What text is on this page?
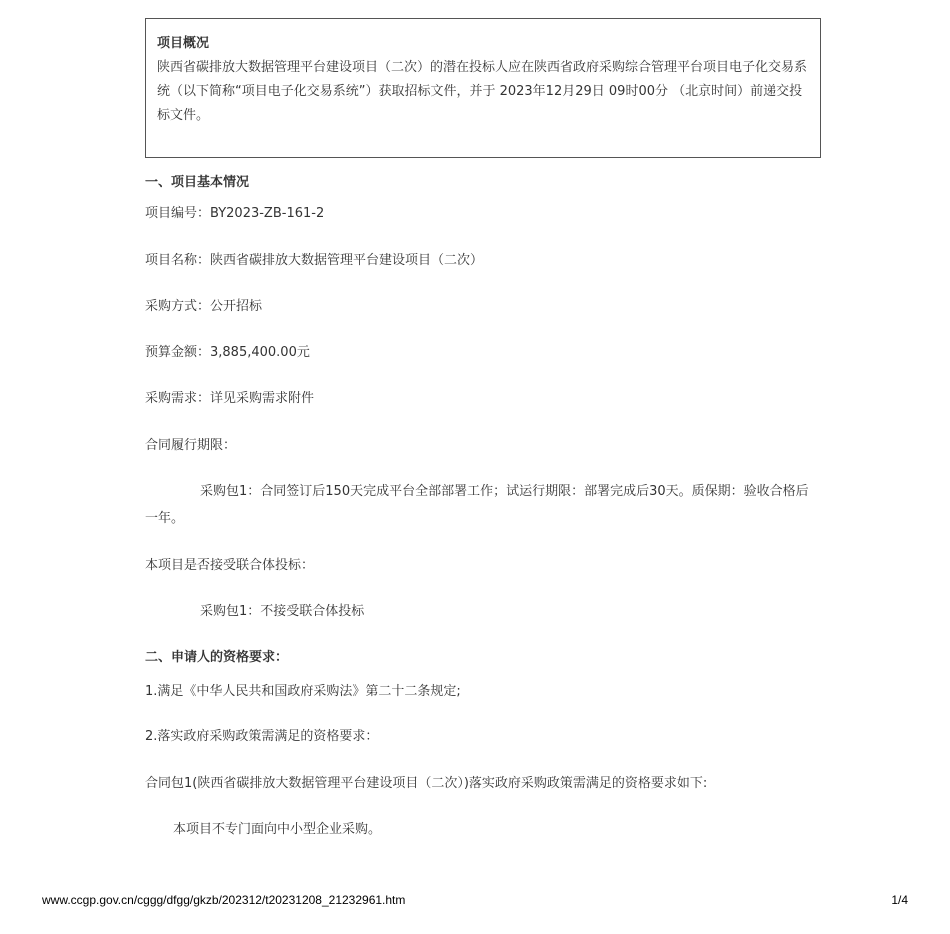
项目概况
陕西省碳排放大数据管理平台建设项目（二次）的潜在投标人应在陕西省政府采购综合管理平台项目电子化交易系统（以下简称“项目电子化交易系统”）获取招标文件，并于 2023年12月29日 09时00分 （北京时间）前递交投标文件。
一、项目基本情况
项目编号：BY2023-ZB-161-2
项目名称：陕西省碳排放大数据管理平台建设项目（二次）
采购方式：公开招标
预算金额：3,885,400.00元
采购需求：详见采购需求附件
合同履行期限：
采购包1：合同签订后150天完成平台全部部署工作；试运行期限：部署完成后30天。质保期：验收合格后一年。
本项目是否接受联合体投标：
采购包1：不接受联合体投标
二、申请人的资格要求：
1.满足《中华人民共和国政府采购法》第二十二条规定;
2.落实政府采购政策需满足的资格要求：
合同包1(陕西省碳排放大数据管理平台建设项目（二次）)落实政府采购政策需满足的资格要求如下:
本项目不专门面向中小型企业采购。
www.ccgp.gov.cn/cggg/dfgg/gkzb/202312/t20231208_21232961.htm	1/4
